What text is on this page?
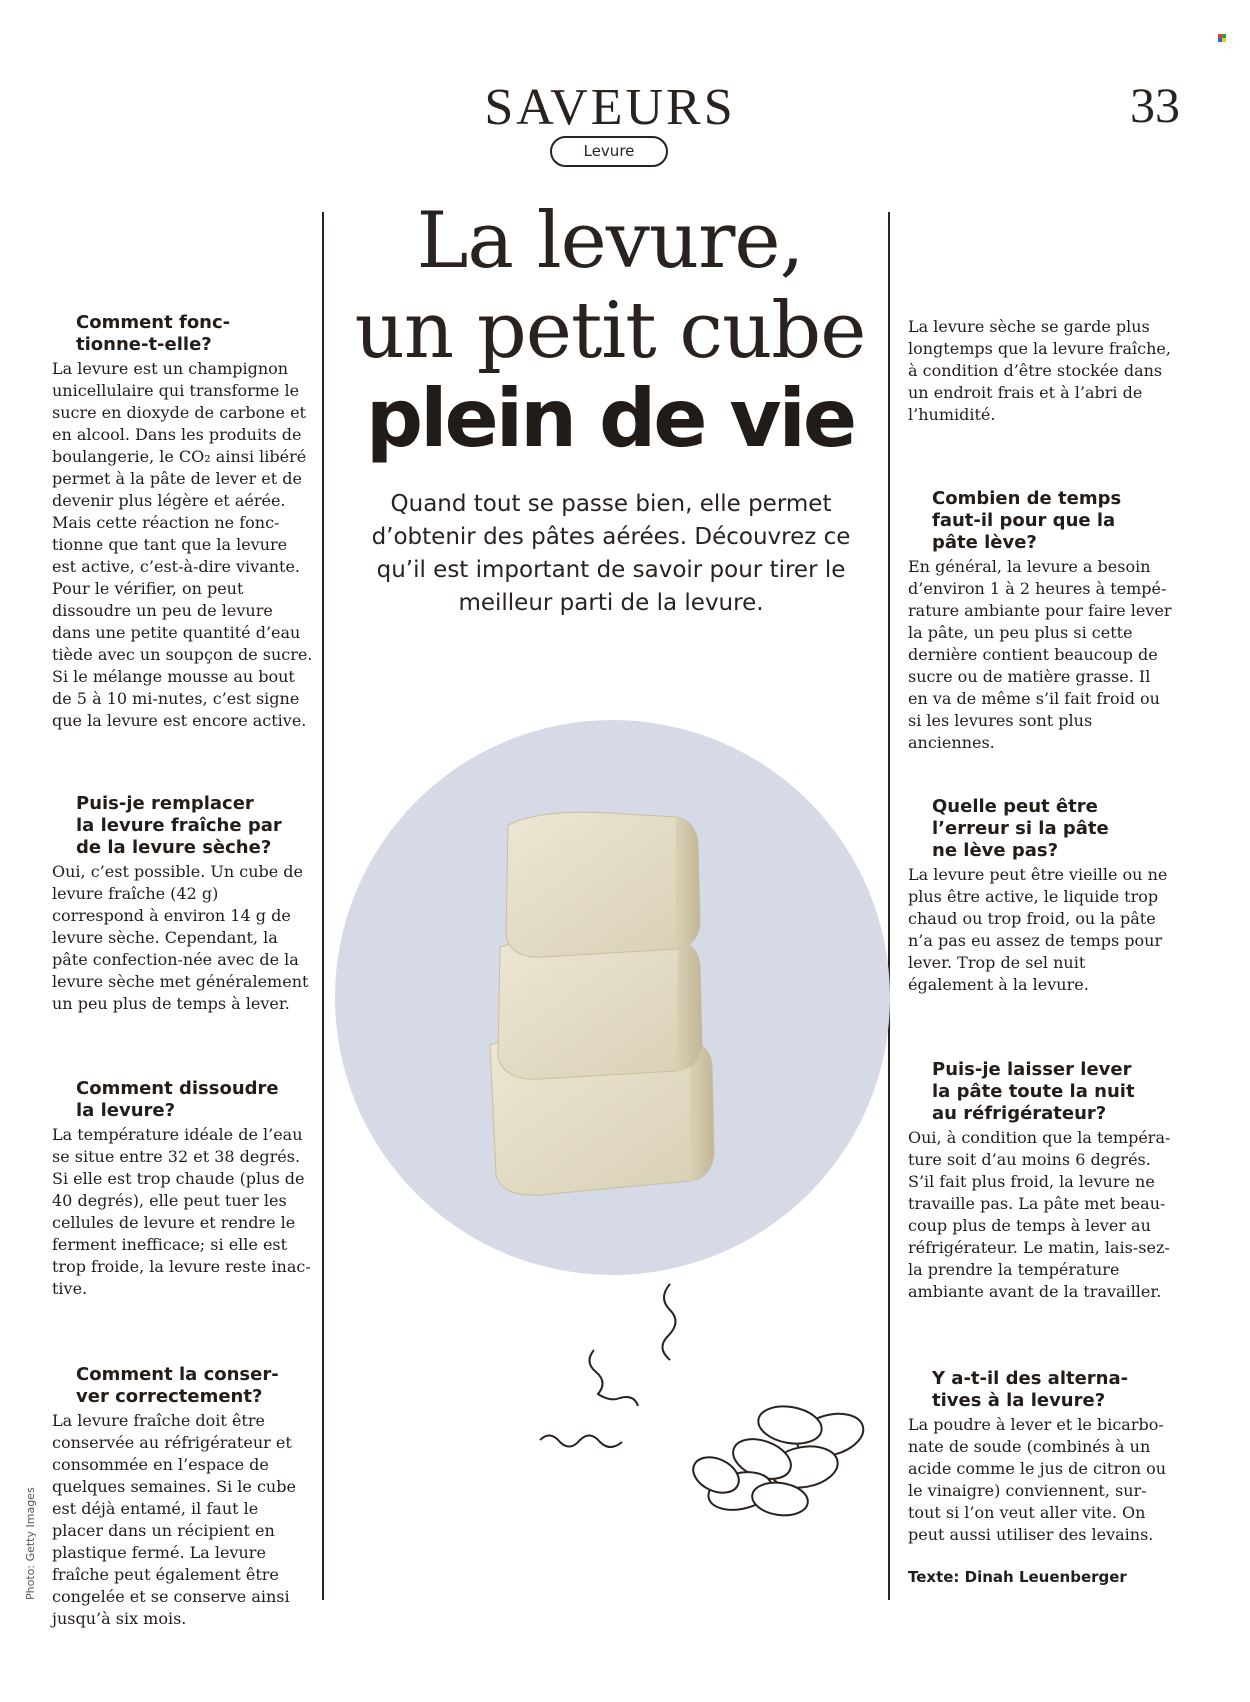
SAVEURS
Levure
33
La levure,
un petit cube
plein de vie
Quand tout se passe bien, elle permet d’obtenir des pâtes aérées. Découvrez ce qu’il est important de savoir pour tirer le meilleur parti de la levure.
Comment fonc-
tionne-t-elle?

La levure est un champignon unicellulaire qui transforme le sucre en dioxyde de carbone et en alcool. Dans les produits de boulangerie, le CO₂ ainsi libéré permet à la pâte de lever et de devenir plus légère et aérée. Mais cette réaction ne fonc-tionne que tant que la levure est active, c’est-à-dire vivante. Pour le vérifier, on peut dissoudre un peu de levure dans une petite quantité d’eau tiède avec un soupçon de sucre. Si le mélange mousse au bout de 5 à 10 mi-nutes, c’est signe que la levure est encore active.

Puis-je remplacer
la levure fraîche par
de la levure sèche?

Oui, c’est possible. Un cube de levure fraîche (42 g) correspond à environ 14 g de levure sèche. Cependant, la pâte confection-née avec de la levure sèche met généralement un peu plus de temps à lever.

Comment dissoudre
la levure?

La température idéale de l’eau se situe entre 32 et 38 degrés. Si elle est trop chaude (plus de 40 degrés), elle peut tuer les cellules de levure et rendre le ferment inefficace; si elle est trop froide, la levure reste inac-tive.

Comment la conser-
ver correctement?

La levure fraîche doit être conservée au réfrigérateur et consommée en l’espace de quelques semaines. Si le cube est déjà entamé, il faut le placer dans un récipient en plastique fermé. La levure fraîche peut également être congelée et se conserve ainsi jusqu’à six mois.

La levure sèche se garde plus longtemps que la levure fraîche, à condition d’être stockée dans un endroit frais et à l’abri de l’humidité.

Combien de temps
faut-il pour que la
pâte lève?

En général, la levure a besoin d’environ 1 à 2 heures à tempé-rature ambiante pour faire lever la pâte, un peu plus si cette dernière contient beaucoup de sucre ou de matière grasse. Il en va de même s’il fait froid ou si les levures sont plus anciennes.

Quelle peut être
l’erreur si la pâte
ne lève pas?

La levure peut être vieille ou ne plus être active, le liquide trop chaud ou trop froid, ou la pâte n’a pas eu assez de temps pour lever. Trop de sel nuit également à la levure.

Puis-je laisser lever
la pâte toute la nuit
au réfrigérateur?

Oui, à condition que la tempéra-ture soit d’au moins 6 degrés. S’il fait plus froid, la levure ne travaille pas. La pâte met beau-coup plus de temps à lever au réfrigérateur. Le matin, lais-sez-la prendre la température ambiante avant de la travailler.

Y a-t-il des alterna-
tives à la levure?

La poudre à lever et le bicarbo-nate de soude (combinés à un acide comme le jus de citron ou le vinaigre) conviennent, sur-tout si l’on veut aller vite. On peut aussi utiliser des levains.

Texte: Dinah Leuenberger
Photo: Getty Images
